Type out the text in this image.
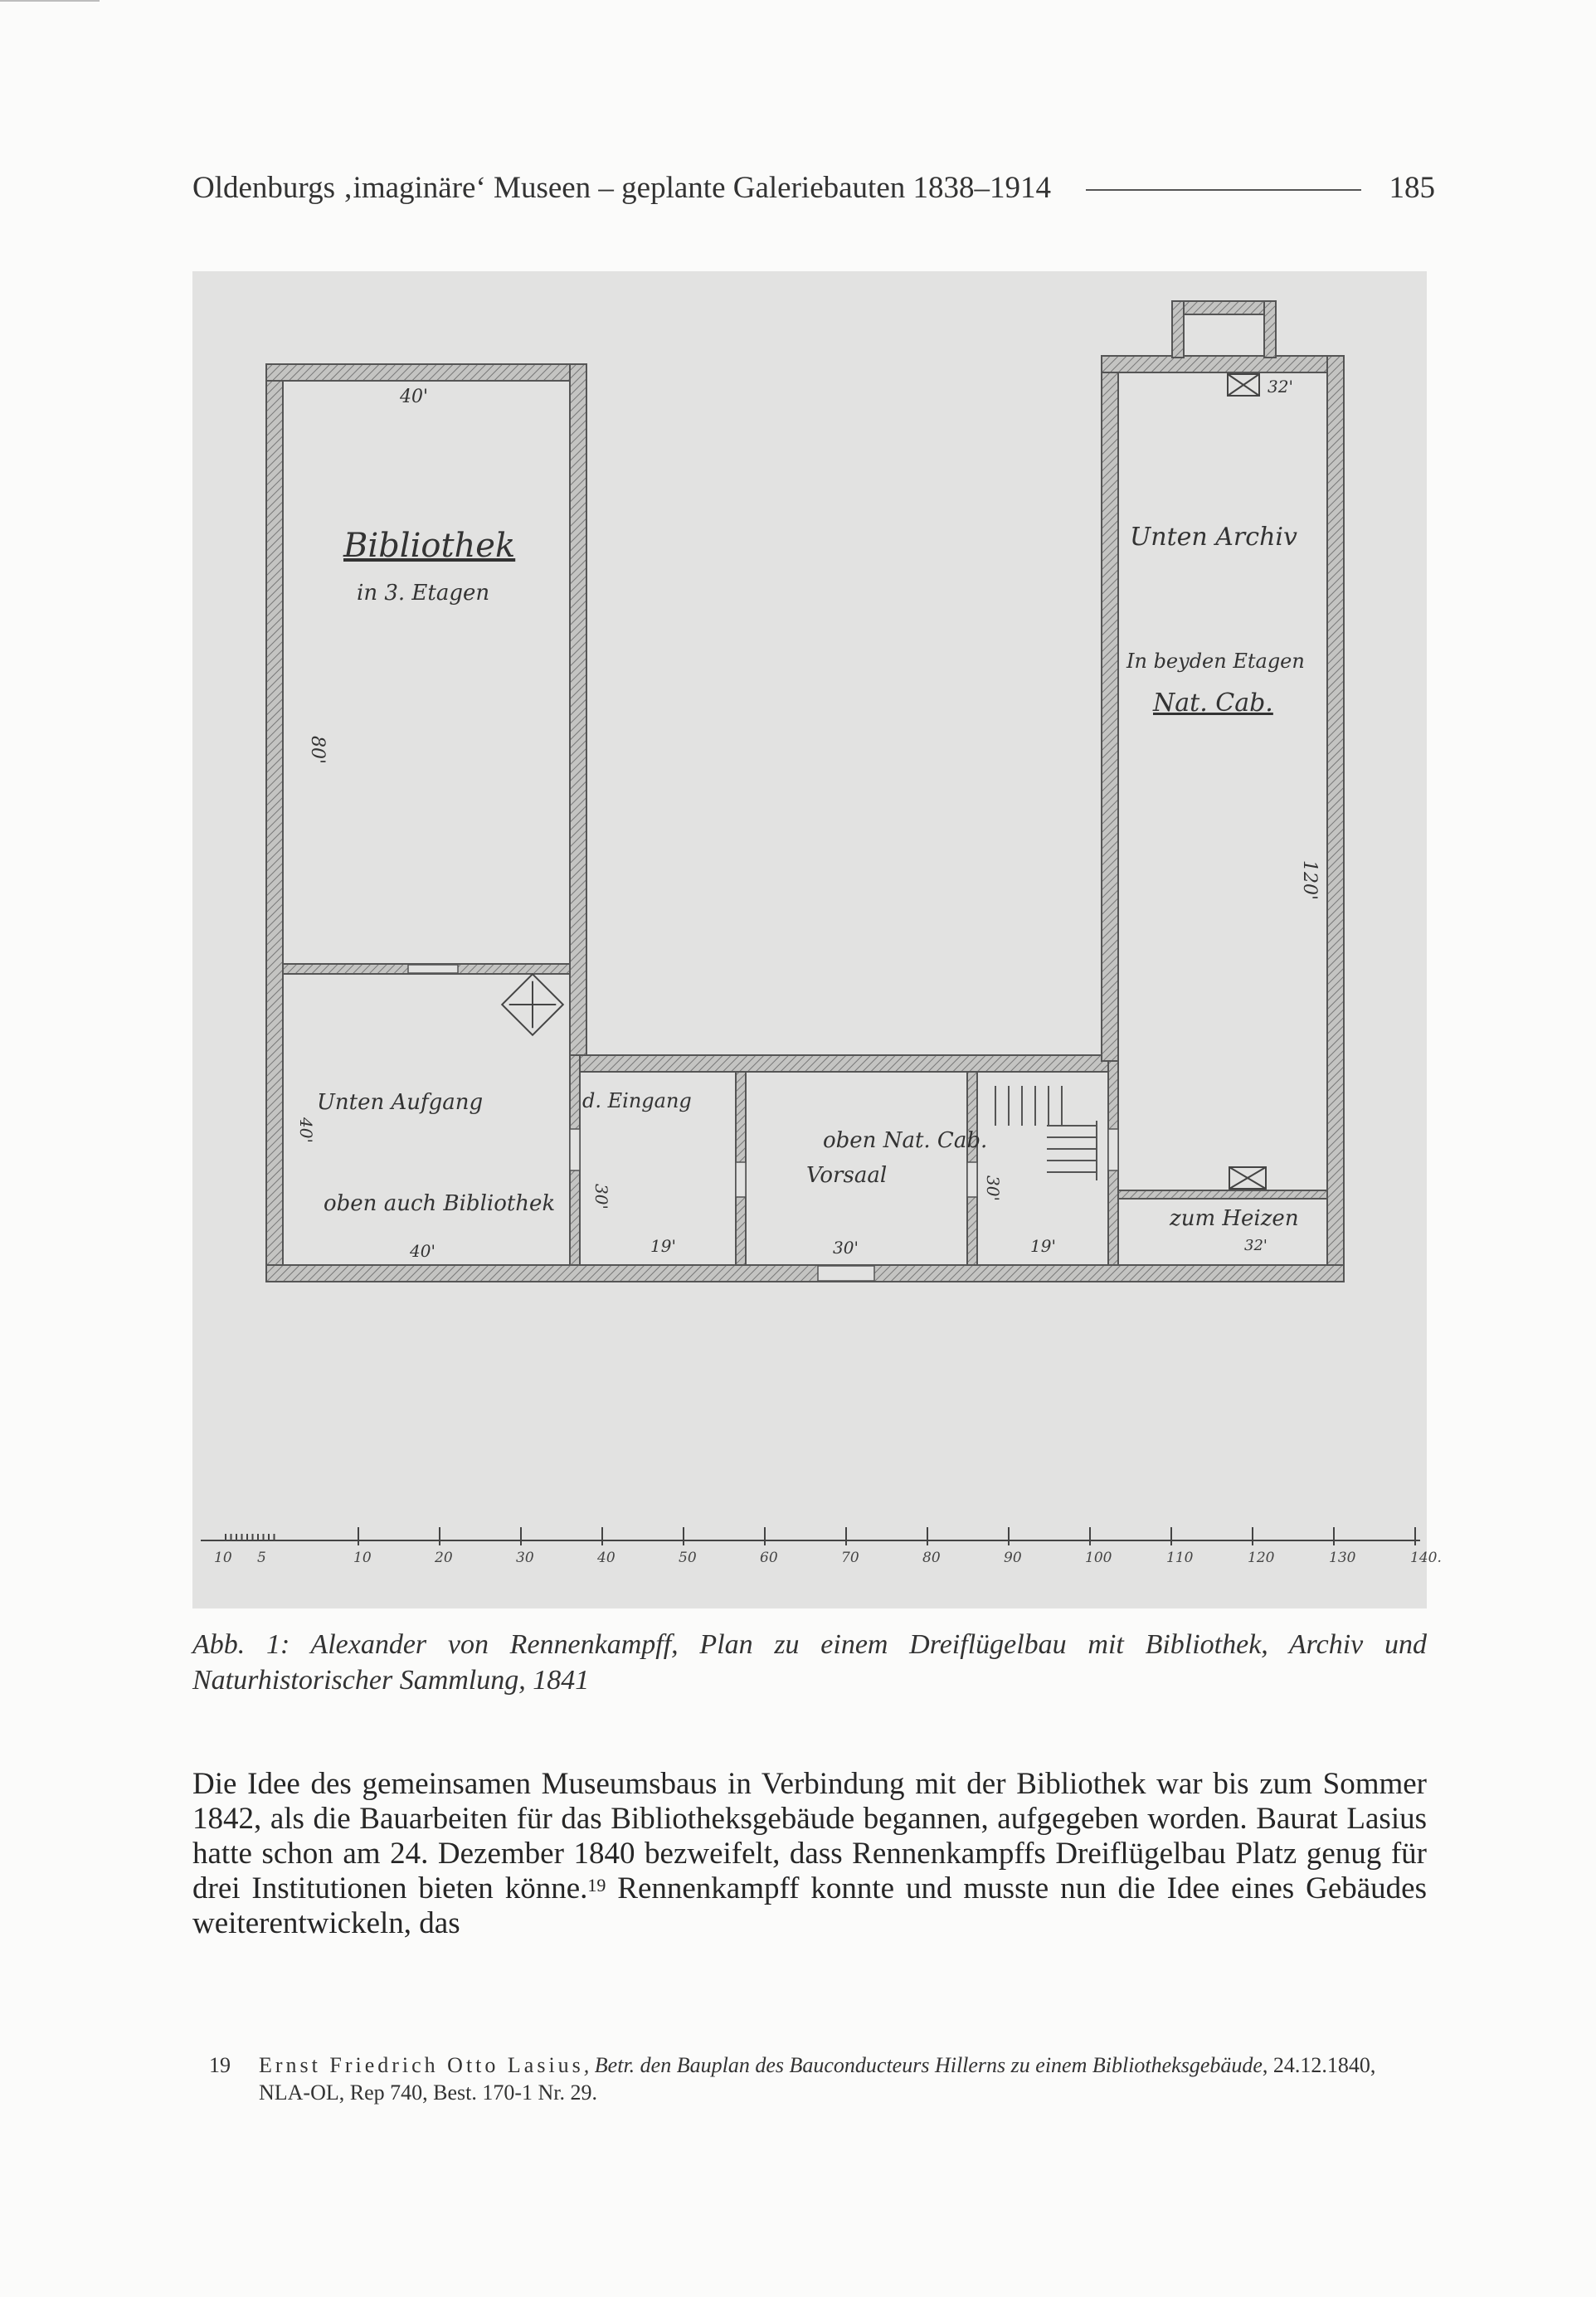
Oldenburgs ‚imaginäre‘ Museen – geplante Galeriebauten 1838–1914	185
40'
Bibliothek
in 3. Etagen
80'
Unten Archiv
In beyden Etagen
Nat. Cab.
32'
120'
40'
Unten Aufgang
oben auch Bibliothek
40'
d. Eingang
30'
19'
oben Nat. Cab.
Vorsaal
30'
30'
19'
zum Heizen
32'
10 5	10	20	30	40	50	60	70	80	90	100	110	120	130	140.
Abb. 1: Alexander von Rennenkampff, Plan zu einem Dreiflügelbau mit Bibliothek, Archiv und Naturhistorischer Sammlung, 1841

Die Idee des gemeinsamen Museumsbaus in Verbindung mit der Bibliothek war bis zum Sommer 1842, als die Bauarbeiten für das Bibliotheksgebäude begannen, aufgegeben worden. Baurat Lasius hatte schon am 24. Dezember 1840 bezweifelt, dass Rennenkampffs Dreiflügelbau Platz genug für drei Institutionen bieten könne.$^{19}$ Rennenkampff konnte und musste nun die Idee eines Gebäudes weiterentwickeln, das

19 Ernst Friedrich Otto Lasius, Betr. den Bauplan des Bauconducteurs Hillerns zu einem Bibliotheksgebäude, 24.12.1840, NLA-OL, Rep 740, Best. 170-1 Nr. 29.
